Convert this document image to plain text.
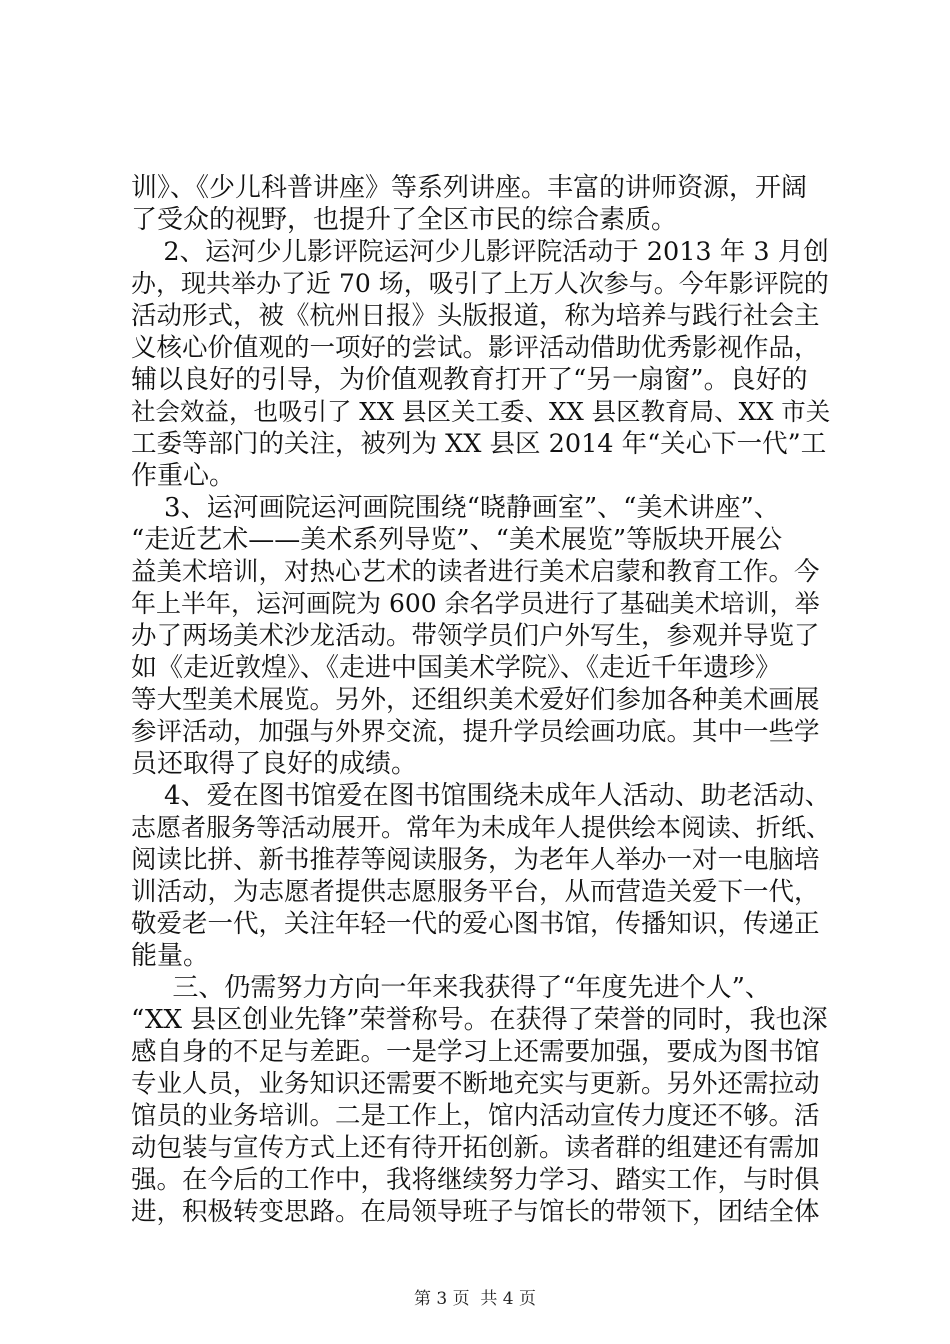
训》、《少儿科普讲座》等系列讲座。丰富的讲师资源，开阔
了受众的视野，也提升了全区市民的综合素质。
2、运河少儿影评院运河少儿影评院活动于 2013 年 3 月创
办，现共举办了近 70 场，吸引了上万人次参与。今年影评院的
活动形式，被《杭州日报》头版报道，称为培养与践行社会主
义核心价值观的一项好的尝试。影评活动借助优秀影视作品，
辅以良好的引导，为价值观教育打开了“另一扇窗”。良好的
社会效益，也吸引了 XX 县区关工委、XX 县区教育局、XX 市关
工委等部门的关注，被列为 XX 县区 2014 年“关心下一代”工
作重心。
3、运河画院运河画院围绕“晓静画室”、“美术讲座”、
“走近艺术——美术系列导览”、“美术展览”等版块开展公
益美术培训，对热心艺术的读者进行美术启蒙和教育工作。今
年上半年，运河画院为 600 余名学员进行了基础美术培训，举
办了两场美术沙龙活动。带领学员们户外写生，参观并导览了
如《走近敦煌》、《走进中国美术学院》、《走近千年遗珍》
等大型美术展览。另外，还组织美术爱好们参加各种美术画展
参评活动，加强与外界交流，提升学员绘画功底。其中一些学
员还取得了良好的成绩。
4、爱在图书馆爱在图书馆围绕未成年人活动、助老活动、
志愿者服务等活动展开。常年为未成年人提供绘本阅读、折纸、
阅读比拼、新书推荐等阅读服务，为老年人举办一对一电脑培
训活动，为志愿者提供志愿服务平台，从而营造关爱下一代，
敬爱老一代，关注年轻一代的爱心图书馆，传播知识，传递正
能量。
三、仍需努力方向一年来我获得了“年度先进个人”、
“XX 县区创业先锋”荣誉称号。在获得了荣誉的同时，我也深
感自身的不足与差距。一是学习上还需要加强，要成为图书馆
专业人员，业务知识还需要不断地充实与更新。另外还需拉动
馆员的业务培训。二是工作上，馆内活动宣传力度还不够。活
动包装与宣传方式上还有待开拓创新。读者群的组建还有需加
强。在今后的工作中，我将继续努力学习、踏实工作，与时俱
进，积极转变思路。在局领导班子与馆长的带领下，团结全体
第 3 页  共 4 页
